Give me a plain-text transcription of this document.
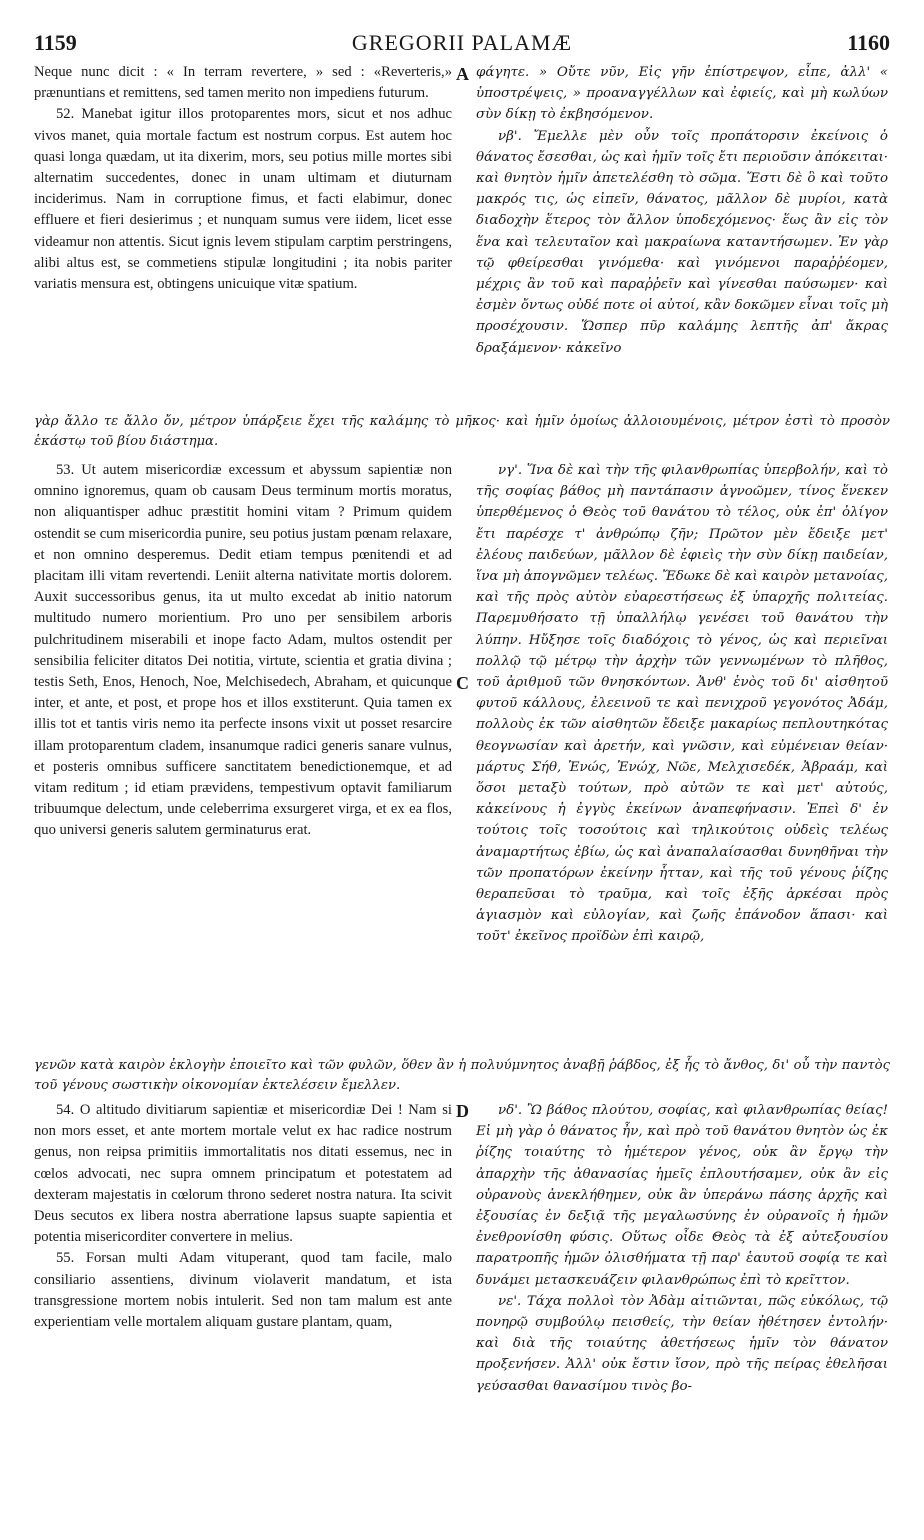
1159	GREGORII PALAMÆ	1160

Neque nunc dicit : « In terram revertere, » sed : «Reverteris,» prænuntians et remittens, sed tamen merito non impediens futurum.

52. Manebat igitur illos protoparentes mors, sicut et nos adhuc vivos manet, quia mortale factum est nostrum corpus. Est autem hoc quasi longa quædam, ut ita dixerim, mors, seu potius mille mortes sibi alternatim succedentes, donec in unam ultimam et diuturnam inciderimus. Nam in corruptione fimus, et facti elabimur, donec effluere et fieri desierimus ; et nunquam sumus vere iidem, licet esse videamur non attentis. Sicut ignis levem stipulam carptim perstringens, alibi altus est, se commetiens stipulæ longitudini ; ita nobis pariter variatis mensura est, obtingens unicuique vitæ spatium.

A φάγητε. » Οὔτε νῦν, Εἰς γῆν ἐπίστρεψον, εἶπε, ἀλλ' « ὑποστρέψεις, » προαναγγέλλων καὶ ἐφιείς, καὶ μὴ κωλύων σὺν δίκῃ τὸ ἐκβησόμενον.

νβ'. Ἔμελλε μὲν οὖν τοῖς προπάτορσιν ἐκείνοις ὁ θάνατος ἔσεσθαι, ὡς καὶ ἡμῖν τοῖς ἔτι περιοῦσιν ἀπόκειται· καὶ θνητὸν ἡμῖν ἀπετελέσθη τὸ σῶμα. Ἔστι δὲ ὃ καὶ τοῦτο μακρός τις, ὡς εἰπεῖν, θάνατος, μᾶλλον δὲ μυρίοι, κατὰ διαδοχὴν ἕτερος τὸν ἄλλον ὑποδεχόμενος· ἕως ἂν εἰς τὸν ἕνα καὶ τελευταῖον καὶ μακραίωνα καταντήσωμεν. Ἐν γὰρ τῷ φθείρεσθαι γινόμεθα· καὶ γινόμενοι παραῤῥέομεν, μέχρις ἂν τοῦ καὶ παραῤῥεῖν καὶ γίνεσθαι παύσωμεν· καὶ ἐσμὲν ὄντως οὐδέ ποτε οἱ αὐτοί, κἂν δοκῶμεν εἶναι τοῖς μὴ προσέχουσιν. Ὥσπερ πῦρ καλάμης λεπτῆς ἀπ' ἄκρας δραξάμενον· κἀκεῖνο

γὰρ ἄλλο τε ἄλλο ὄν, μέτρον ὑπάρξειε ἔχει τῆς καλάμης τὸ μῆκος· καὶ ἡμῖν ὁμοίως ἀλλοιουμένοις, μέτρον ἐστὶ τὸ προσὸν ἑκάστῳ τοῦ βίου διάστημα.

53. Ut autem misericordiæ excessum et abyssum sapientiæ non omnino ignoremus, quam ob causam Deus terminum mortis moratus, non aliquantisper adhuc præstitit homini vitam ? Primum quidem ostendit se cum misericordia punire, seu potius justam pœnam relaxare, et non omnino desperemus. Dedit etiam tempus pœnitendi et ad placitam illi vitam revertendi. Leniit alterna nativitate mortis dolorem. Auxit successoribus genus, ita ut multo excedat ab initio natorum multitudo numero morientium. Pro uno per sensibilem arboris pulchritudinem miserabili et inope facto Adam, multos ostendit per sensibilia feliciter ditatos Dei notitia, virtute, scientia et gratia divina ; testis Seth, Enos, Henoch, Noe, Melchisedech, Abraham, et quicunque inter, et ante, et post, et prope hos et illos exstiterunt. Quia tamen ex illis tot et tantis viris nemo ita perfecte insons vixit ut posset resarcire illam protoparentum cladem, insanumque radici generis sanare vulnus, et posteris omnibus sufficere sanctitatem benedictionemque, et ad vitam reditum ; id etiam prævidens, tempestivum optavit familiarum tribuumque delectum, unde celeberrima exsurgeret virga, et ex ea flos, quo universi generis salutem germinaturus erat.

C

νγ'. Ἵνα δὲ καὶ τὴν τῆς φιλανθρωπίας ὑπερβολήν, καὶ τὸ τῆς σοφίας βάθος μὴ παντάπασιν ἀγνοῶμεν, τίνος ἕνεκεν ὑπερθέμενος ὁ Θεὸς τοῦ θανάτου τὸ τέλος, οὐκ ἐπ' ὀλίγον ἔτι παρέσχε τ' ἀνθρώπῳ ζῆν; Πρῶτον μὲν ἔδειξε μετ' ἐλέους παιδεύων, μᾶλλον δὲ ἐφιεὶς τὴν σὺν δίκῃ παιδείαν, ἵνα μὴ ἀπογνῶμεν τελέως. Ἔδωκε δὲ καὶ καιρὸν μετανοίας, καὶ τῆς πρὸς αὐτὸν εὐαρεστήσεως ἐξ ὑπαρχῆς πολιτείας. Παρεμυθήσατο τῇ ὑπαλλήλῳ γενέσει τοῦ θανάτου τὴν λύπην. Ηὔξησε τοῖς διαδόχοις τὸ γένος, ὡς καὶ περιεῖναι πολλῷ τῷ μέτρῳ τὴν ἀρχὴν τῶν γεννωμένων τὸ πλῆθος, τοῦ ἀριθμοῦ τῶν θνησκόντων. Ἀνθ' ἑνὸς τοῦ δι' αἰσθητοῦ φυτοῦ κάλλους, ἐλεεινοῦ τε καὶ πενιχροῦ γεγονότος Ἀδάμ, πολλοὺς ἐκ τῶν αἰσθητῶν ἔδειξε μακαρίως πεπλουτηκότας θεογνωσίαν καὶ ἀρετήν, καὶ γνῶσιν, καὶ εὐμένειαν θείαν· μάρτυς Σήθ, Ἐνώς, Ἐνώχ, Νῶε, Μελχισεδέκ, Ἀβραάμ, καὶ ὅσοι μεταξὺ τούτων, πρὸ αὐτῶν τε καὶ μετ' αὐτούς, κἀκείνους ἡ ἐγγὺς ἐκείνων ἀναπεφήνασιν. Ἐπεὶ δ' ἐν τούτοις τοῖς τοσούτοις καὶ τηλικούτοις οὐδεὶς τελέως ἀναμαρτήτως ἐβίω, ὡς καὶ ἀναπαλαίσασθαι δυνηθῆναι τὴν τῶν προπατόρων ἐκείνην ἧτταν, καὶ τῆς τοῦ γένους ῥίζης θεραπεῦσαι τὸ τραῦμα, καὶ τοῖς ἐξῆς ἀρκέσαι πρὸς ἁγιασμὸν καὶ εὐλογίαν, καὶ ζωῆς ἐπάνοδον ἅπασι· καὶ τοῦτ' ἐκεῖνος προϊδὼν ἐπὶ καιρῷ,

γενῶν κατὰ καιρὸν ἐκλογὴν ἐποιεῖτο καὶ τῶν φυλῶν, ὅθεν ἂν ἡ πολυύμνητος ἀναβῇ ῥάβδος, ἐξ ἧς τὸ ἄνθος, δι' οὗ τὴν παντὸς τοῦ γένους σωστικὴν οἰκονομίαν ἐκτελέσειν ἔμελλεν.

54. O altitudo divitiarum sapientiæ et misericordiæ Dei ! Nam si non mors esset, et ante mortem mortale velut ex hac radice nostrum genus, non reipsa primitiis immortalitatis nos ditati essemus, nec in cœlos advocati, nec supra omnem principatum et potestatem ad dexteram majestatis in cœlorum throno sederet nostra natura. Ita scivit Deus secutos ex libera nostra aberratione lapsus suapte sapientia et potentia misericorditer convertere in melius.

55. Forsan multi Adam vituperant, quod tam facile, malo consiliario assentiens, divinum violaverit mandatum, et ista transgressione mortem nobis intulerit. Sed non tam malum est ante experientiam velle mortalem aliquam gustare plantam, quam,

D	νδ'. Ὢ βάθος πλούτου, σοφίας, καὶ φιλανθρωπίας θείας! Εἰ μὴ γὰρ ὁ θάνατος ἦν, καὶ πρὸ τοῦ θανάτου θνητὸν ὡς ἐκ ῥίζης τοιαύτης τὸ ἡμέτερον γένος, οὐκ ἂν ἔργῳ τὴν ἀπαρχὴν τῆς ἀθανασίας ἡμεῖς ἐπλουτήσαμεν, οὐκ ἂν εἰς οὐρανοὺς ἀνεκλήθημεν, οὐκ ἂν ὑπεράνω πάσης ἀρχῆς καὶ ἐξουσίας ἐν δεξιᾷ τῆς μεγαλωσύνης ἐν οὐρανοῖς ἡ ἡμῶν ἐνεθρονίσθη φύσις. Οὕτως οἶδε Θεὸς τὰ ἐξ αὐτεξουσίου παρατροπῆς ἡμῶν ὀλισθήματα τῇ παρ' ἑαυτοῦ σοφίᾳ τε καὶ δυνάμει μετασκευάζειν φιλανθρώπως ἐπὶ τὸ κρεῖττον.

νε'. Τάχα πολλοὶ τὸν Ἀδὰμ αἰτιῶνται, πῶς εὐκόλως, τῷ πονηρῷ συμβούλῳ πεισθείς, τὴν θείαν ἠθέτησεν ἐντολήν· καὶ διὰ τῆς τοιαύτης ἀθετήσεως ἡμῖν τὸν θάνατον προξενήσεν. Ἀλλ' οὐκ ἔστιν ἴσον, πρὸ τῆς πείρας ἐθελῆσαι γεύσασθαι θανασίμου τινὸς βο-
